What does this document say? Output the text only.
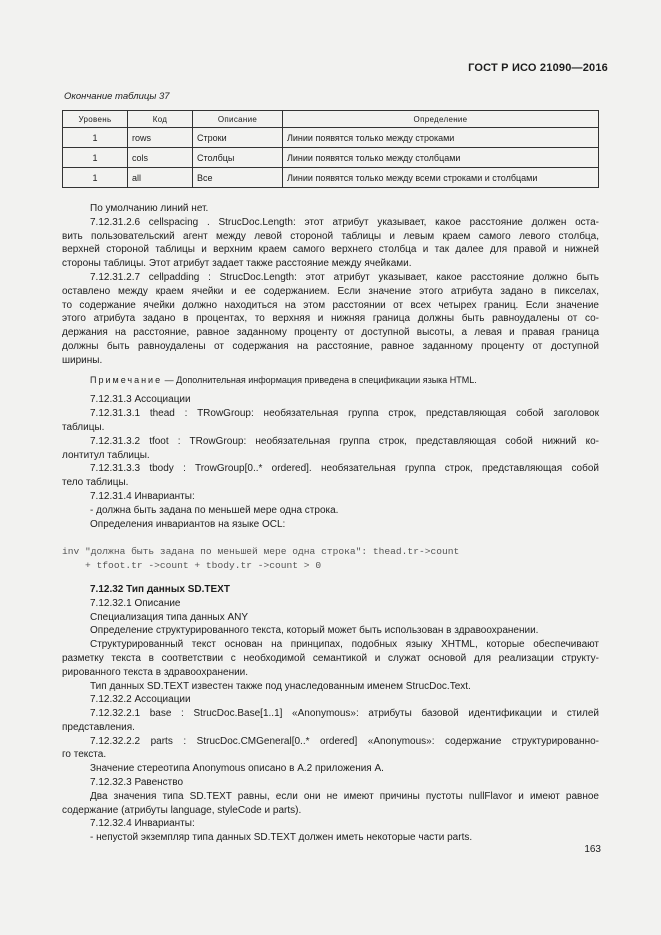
ГОСТ Р ИСО 21090—2016
Окончание таблицы 37
Уровень	Код	Описание	Определение
1	rows	Строки	Линии появятся только между строками
1	cols	Столбцы	Линии появятся только между столбцами
1	all	Все	Линии появятся только между всеми строками и столбцами

По умолчанию линий нет.

7.12.31.2.6 cellspacing . StrucDoc.Length: этот атрибут указывает, какое расстояние должен оста-

вить пользовательский агент между левой стороной таблицы и левым краем самого левого столбца,

верхней стороной таблицы и верхним краем самого верхнего столбца и так далее для правой и нижней

стороны таблицы. Этот атрибут задает также расстояние между ячейками.

7.12.31.2.7 cellpadding : StrucDoc.Length: этот атрибут указывает, какое расстояние должно быть

оставлено между краем ячейки и ее содержанием. Если значение этого атрибута задано в пикселах,

то содержание ячейки должно находиться на этом расстоянии от всех четырех границ. Если значение

этого атрибута задано в процентах, то верхняя и нижняя граница должны быть равноудалены от со-

держания на расстояние, равное заданному проценту от доступной высоты, а левая и правая граница

должны быть равноудалены от содержания на расстояние, равное заданному проценту от доступной

ширины.

Примечание — Дополнительная информация приведена в спецификации языка HTML.

7.12.31.3 Ассоциации

7.12.31.3.1 thead : TRowGroup: необязательная группа строк, представляющая собой заголовок

таблицы.

7.12.31.3.2 tfoot : TRowGroup: необязательная группа строк, представляющая собой нижний ко-

лонтитул таблицы.

7.12.31.3.3 tbody : TrowGroup[0..* ordered]. необязательная группа строк, представляющая собой

тело таблицы.

7.12.31.4 Инварианты:

- должна быть задана по меньшей мере одна строка.

Определения инвариантов на языке OCL:

inv "должна быть задана по меньшей мере одна строка": thead.tr->count

+ tfoot.tr ->count + tbody.tr ->count > 0

7.12.32 Тип данных SD.TEXT

7.12.32.1 Описание

Специализация типа данных ANY

Определение структурированного текста, который может быть использован в здравоохранении.

Структурированный текст основан на принципах, подобных языку XHTML, которые обеспечивают

разметку текста в соответствии с необходимой семантикой и служат основой для реализации структу-

рированного текста в здравоохранении.

Тип данных SD.TEXT известен также под унаследованным именем StrucDoc.Text.

7.12.32.2 Ассоциации

7.12.32.2.1 base : StrucDoc.Base[1..1] «Anonymous»: атрибуты базовой идентификации и стилей

представления.

7.12.32.2.2 parts : StrucDoc.CMGeneral[0..* ordered] «Anonymous»: содержание структурированно-

го текста.

Значение стереотипа Anonymous описано в А.2 приложения А.

7.12.32.3 Равенство

Два значения типа SD.TEXT равны, если они не имеют причины пустоты nullFlavor и имеют равное

содержание (атрибуты language, styleCode и parts).

7.12.32.4 Инварианты:

- непустой экземпляр типа данных SD.TEXT должен иметь некоторые части parts.

163
